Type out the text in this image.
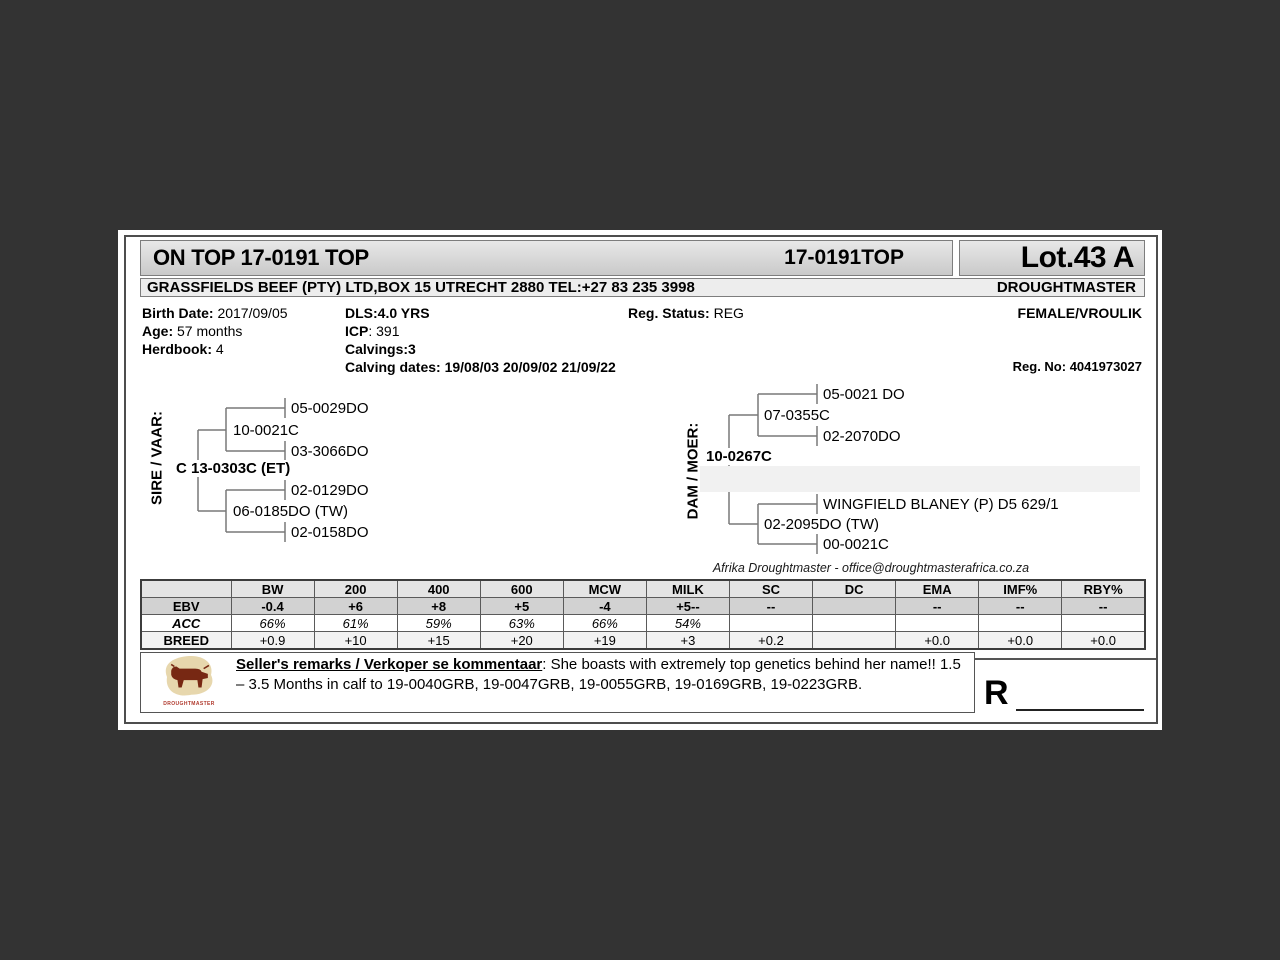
ON TOP 17-0191 TOP	17-0191TOP	Lot.43 A
GRASSFIELDS BEEF (PTY) LTD,BOX 15 UTRECHT 2880 TEL:+27 83 235 3998	DROUGHTMASTER
Birth Date: 2017/09/05
Age: 57 months
Herdbook: 4
DLS:4.0 YRS
ICP: 391
Calvings:3
Calving dates: 19/08/03 20/09/02 21/09/22
Reg. Status: REG	FEMALE/VROULIK
Reg. No: 4041973027
SIRE / VAAR:	DAM / MOER:
C 13-0303C (ET)
10-0021C
06-0185DO (TW)
05-0029DO
03-3066DO
02-0129DO
02-0158DO
10-0267C
07-0355C
02-2095DO (TW)
05-0021 DO
02-2070DO
WINGFIELD BLANEY (P) D5 629/1
00-0021C
Afrika Droughtmaster - office@droughtmasterafrica.co.za
	BW	200	400	600	MCW	MILK	SC	DC	EMA	IMF%	RBY%
EBV	-0.4	+6	+8	+5	-4	+5--	--		--	--	--
ACC	66%	61%	59%	63%	66%	54%					
BREED	+0.9	+10	+15	+20	+19	+3	+0.2		+0.0	+0.0	+0.0
DROUGHTMASTER
Seller's remarks / Verkoper se kommentaar: She boasts with extremely top genetics behind her name!! 1.5 – 3.5 Months in calf to 19-0040GRB, 19-0047GRB, 19-0055GRB, 19-0169GRB, 19-0223GRB.	R
